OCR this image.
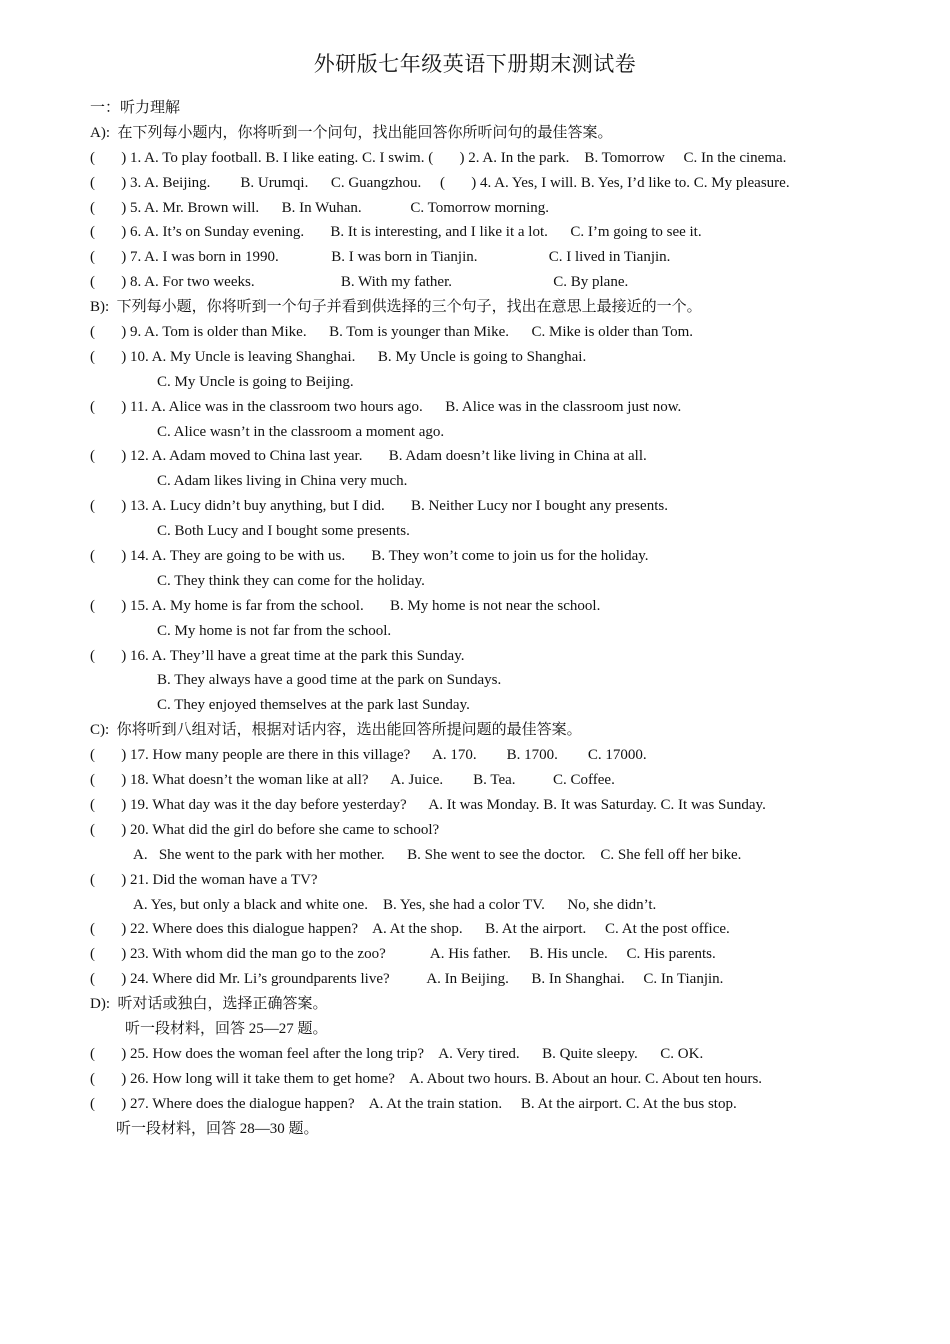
外研版七年级英语下册期末测试卷
一：听力理解
A):  在下列每小题内，你将听到一个问句，找出能回答你所听问句的最佳答案。
(       ) 1. A. To play football. B. I like eating. C. I swim. (       ) 2. A. In the park.    B. Tomorrow     C. In the cinema.
(       ) 3. A. Beijing.        B. Urumqi.      C. Guangzhou.     (       ) 4. A. Yes, I will. B. Yes, I’d like to. C. My pleasure.
(       ) 5. A. Mr. Brown will.      B. In Wuhan.             C. Tomorrow morning.
(       ) 6. A. It’s on Sunday evening.       B. It is interesting, and I like it a lot.      C. I’m going to see it.
(       ) 7. A. I was born in 1990.              B. I was born in Tianjin.                   C. I lived in Tianjin.
(       ) 8. A. For two weeks.                       B. With my father.                           C. By plane.
B):  下列每小题，你将听到一个句子并看到供选择的三个句子，找出在意思上最接近的一个。
(       ) 9. A. Tom is older than Mike.      B. Tom is younger than Mike.      C. Mike is older than Tom.
(       ) 10. A. My Uncle is leaving Shanghai.      B. My Uncle is going to Shanghai.
C. My Uncle is going to Beijing.
(       ) 11. A. Alice was in the classroom two hours ago.      B. Alice was in the classroom just now.
C. Alice wasn’t in the classroom a moment ago.
(       ) 12. A. Adam moved to China last year.       B. Adam doesn’t like living in China at all.
C. Adam likes living in China very much.
(       ) 13. A. Lucy didn’t buy anything, but I did.       B. Neither Lucy nor I bought any presents.
C. Both Lucy and I bought some presents.
(       ) 14. A. They are going to be with us.       B. They won’t come to join us for the holiday.
C. They think they can come for the holiday.
(       ) 15. A. My home is far from the school.       B. My home is not near the school.
C. My home is not far from the school.
(       ) 16. A. They’ll have a great time at the park this Sunday.
B. They always have a good time at the park on Sundays.
C. They enjoyed themselves at the park last Sunday.
C):  你将听到八组对话，根据对话内容，选出能回答所提问题的最佳答案。
(       ) 17. How many people are there in this village?      A. 170.        B. 1700.        C. 17000.
(       ) 18. What doesn’t the woman like at all?      A. Juice.        B. Tea.          C. Coffee.
(       ) 19. What day was it the day before yesterday?      A. It was Monday. B. It was Saturday. C. It was Sunday.
(       ) 20. What did the girl do before she came to school?
A.   She went to the park with her mother.      B. She went to see the doctor.    C. She fell off her bike.
(       ) 21. Did the woman have a TV?
A. Yes, but only a black and white one.    B. Yes, she had a color TV.      No, she didn’t.
(       ) 22. Where does this dialogue happen?    A. At the shop.      B. At the airport.     C. At the post office.
(       ) 23. With whom did the man go to the zoo?            A. His father.     B. His uncle.     C. His parents.
(       ) 24. Where did Mr. Li’s groundparents live?          A. In Beijing.      B. In Shanghai.     C. In Tianjin.
D):  听对话或独白，选择正确答案。
听一段材料，回答 25—27 题。
(       ) 25. How does the woman feel after the long trip?    A. Very tired.      B. Quite sleepy.      C. OK.
(       ) 26. How long will it take them to get home?    A. About two hours. B. About an hour. C. About ten hours.
(       ) 27. Where does the dialogue happen?    A. At the train station.     B. At the airport. C. At the bus stop.
听一段材料，回答 28—30 题。
